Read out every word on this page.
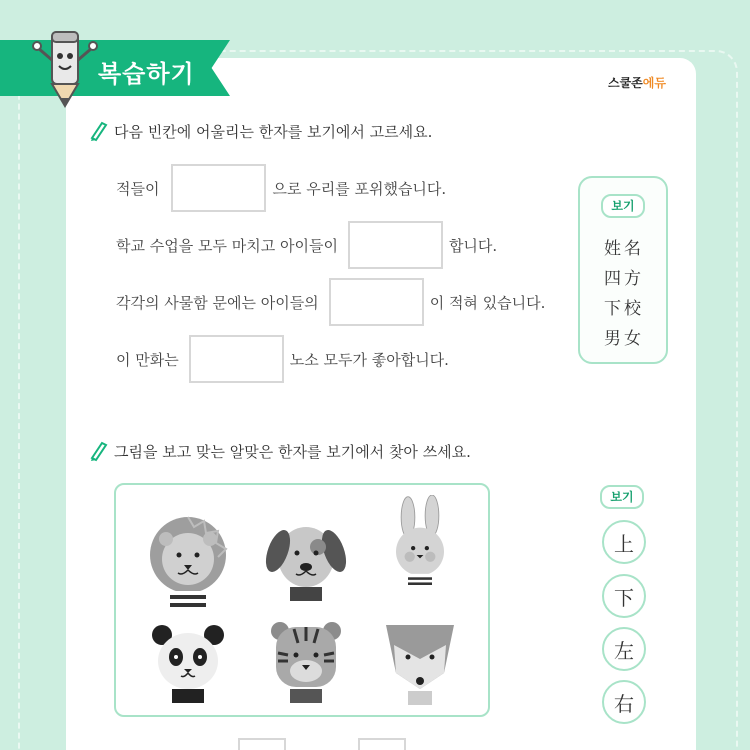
복습하기	스쿨존에듀
다음 빈칸에 어울리는 한자를 보기에서 고르세요.
적들이	으로 우리를 포위했습니다.
학교 수업을 모두 마치고 아이들이	합니다.
각각의 사물함 문에는 아이들의	이 적혀 있습니다.
이 만화는	노소 모두가 좋아합니다.
보기
姓名
四方
下校
男女
그림을 보고 맞는 알맞은 한자를 보기에서 찾아 쓰세요.
보기
上
下
左
右
